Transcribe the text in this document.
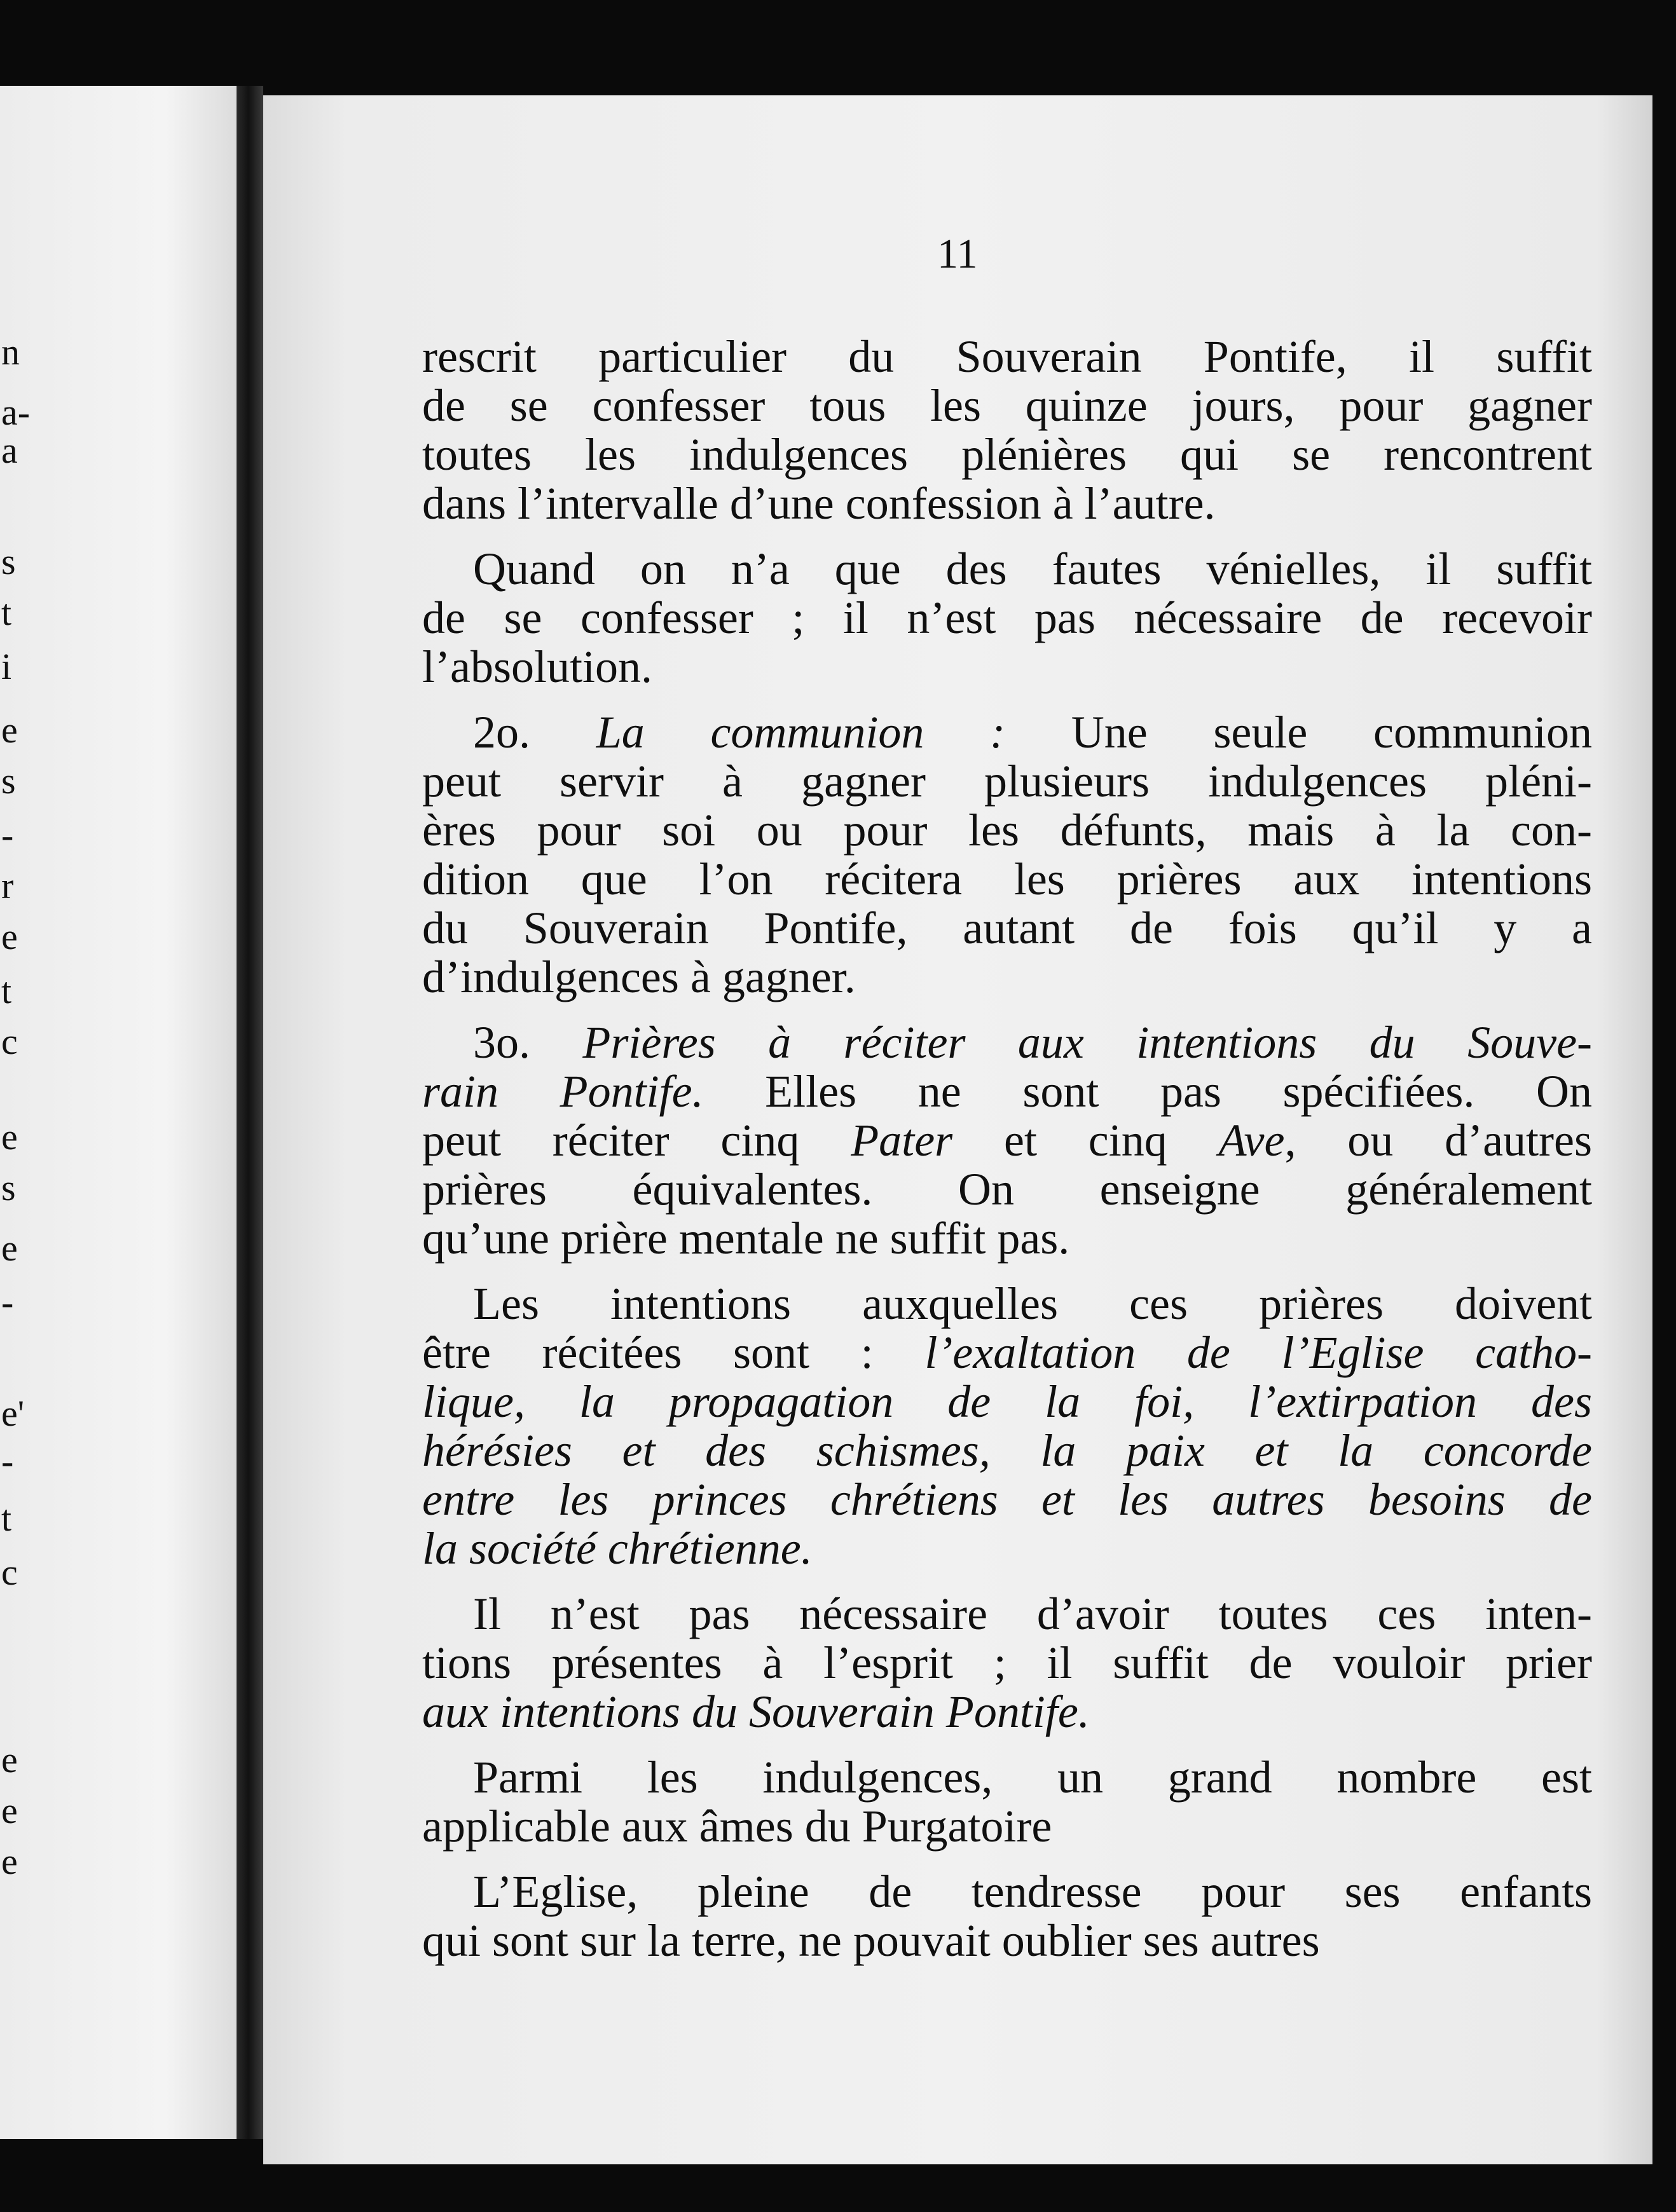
n
a-
a
s
t
i
e
s
-
r
e
t
c
e
s
e
-
e'
-
t
c
e
e
e
11
rescrit particulier du Souverain Pontife, il suffit
de se confesser tous les quinze jours, pour gagner
toutes les indulgences plénières qui se rencontrent
dans l’intervalle d’une confession à l’autre.
Quand on n’a que des fautes vénielles, il suffit
de se confesser ; il n’est pas nécessaire de recevoir
l’absolution.
2o. La communion : Une seule communion
peut servir à gagner plusieurs indulgences pléni-
ères pour soi ou pour les défunts, mais à la con-
dition que l’on récitera les prières aux intentions
du Souverain Pontife, autant de fois qu’il y a
d’indulgences à gagner.
3o. Prières à réciter aux intentions du Souve-
rain Pontife. Elles ne sont pas spécifiées. On
peut réciter cinq Pater et cinq Ave, ou d’autres
prières équivalentes. On enseigne généralement
qu’une prière mentale ne suffit pas.
Les intentions auxquelles ces prières doivent
être récitées sont : l’exaltation de l’Eglise catho-
lique, la propagation de la foi, l’extirpation des
hérésies et des schismes, la paix et la concorde
entre les princes chrétiens et les autres besoins de
la société chrétienne.
Il n’est pas nécessaire d’avoir toutes ces inten-
tions présentes à l’esprit ; il suffit de vouloir prier
aux intentions du Souverain Pontife.
Parmi les indulgences, un grand nombre est
applicable aux âmes du Purgatoire
L’Eglise, pleine de tendresse pour ses enfants
qui sont sur la terre, ne pouvait oublier ses autres
